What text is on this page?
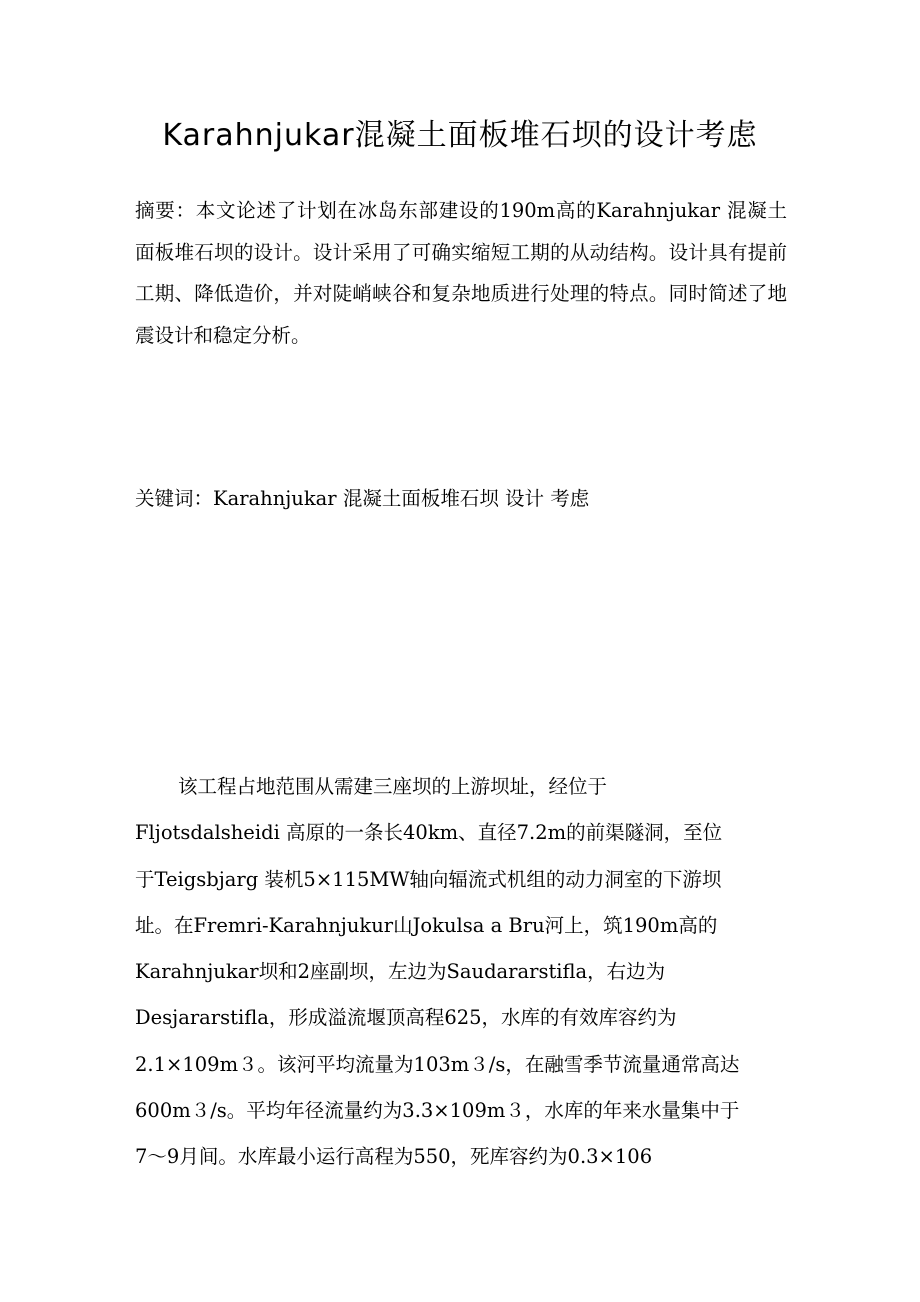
Karahnjukar混凝土面板堆石坝的设计考虑

摘要：本文论述了计划在冰岛东部建设的190m高的Karahnjukar 混凝土面板堆石坝的设计。设计采用了可确实缩短工期的从动结构。设计具有提前工期、降低造价，并对陡峭峡谷和复杂地质进行处理的特点。同时简述了地震设计和稳定分析。

关键词：Karahnjukar 混凝土面板堆石坝 设计 考虑

该工程占地范围从需建三座坝的上游坝址，经位于
Fljotsdalsheidi 高原的一条长40km、直径7.2m的前渠隧洞，至位
于Teigsbjarg 装机5×115MW轴向辐流式机组的动力洞室的下游坝
址。在Fremri-Karahnjukur山Jokulsa a Bru河上，筑190m高的
Karahnjukar坝和2座副坝，左边为Saudararstifla，右边为
Desjararstifla，形成溢流堰顶高程625，水库的有效库容约为
2.1×109m３。该河平均流量为103m３/s，在融雪季节流量通常高达
600m３/s。平均年径流量约为3.3×109m３，水库的年来水量集中于
7～9月间。水库最小运行高程为550，死库容约为0.3×106
